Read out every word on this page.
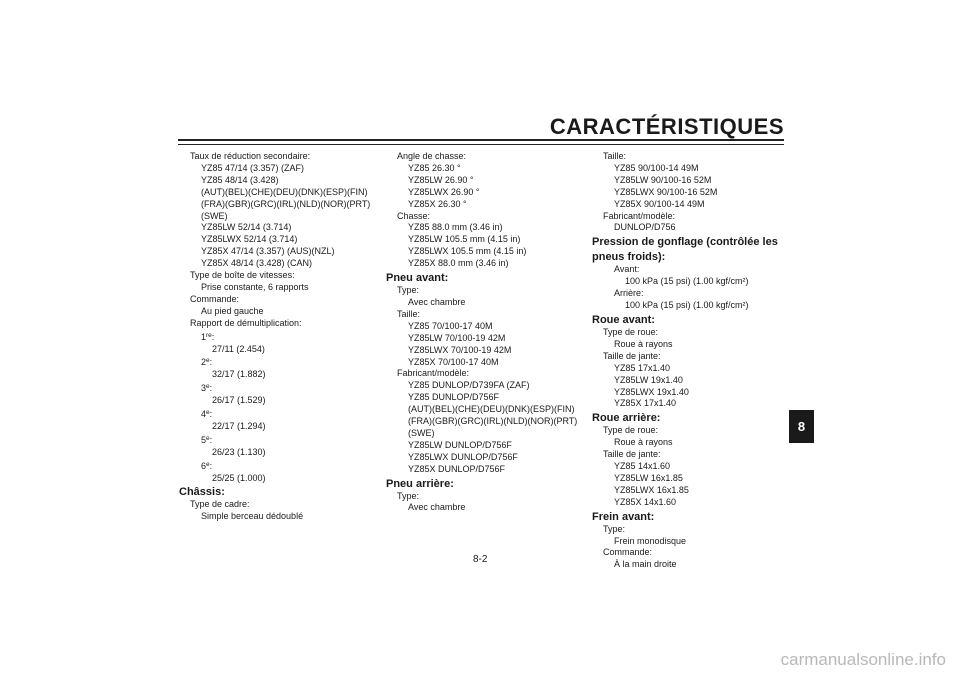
CARACTÉRISTIQUES
Taux de réduction secondaire:
YZ85 47/14 (3.357) (ZAF)
YZ85 48/14 (3.428)
(AUT)(BEL)(CHE)(DEU)(DNK)(ESP)(FIN)
(FRA)(GBR)(GRC)(IRL)(NLD)(NOR)(PRT)
(SWE)
YZ85LW 52/14 (3.714)
YZ85LWX 52/14 (3.714)
YZ85X 47/14 (3.357) (AUS)(NZL)
YZ85X 48/14 (3.428) (CAN)
Type de boîte de vitesses:
Prise constante, 6 rapports
Commande:
Au pied gauche
Rapport de démultiplication:
1re:
27/11 (2.454)
2e:
32/17 (1.882)
3e:
26/17 (1.529)
4e:
22/17 (1.294)
5e:
26/23 (1.130)
6e:
25/25 (1.000)
Châssis:
Type de cadre:
Simple berceau dédoublé
Angle de chasse:
YZ85 26.30 °
YZ85LW 26.90 °
YZ85LWX 26.90 °
YZ85X 26.30 °
Chasse:
YZ85 88.0 mm (3.46 in)
YZ85LW 105.5 mm (4.15 in)
YZ85LWX 105.5 mm (4.15 in)
YZ85X 88.0 mm (3.46 in)
Pneu avant:
Type:
Avec chambre
Taille:
YZ85 70/100-17 40M
YZ85LW 70/100-19 42M
YZ85LWX 70/100-19 42M
YZ85X 70/100-17 40M
Fabricant/modèle:
YZ85 DUNLOP/D739FA (ZAF)
YZ85 DUNLOP/D756F
(AUT)(BEL)(CHE)(DEU)(DNK)(ESP)(FIN)
(FRA)(GBR)(GRC)(IRL)(NLD)(NOR)(PRT)
(SWE)
YZ85LW DUNLOP/D756F
YZ85LWX DUNLOP/D756F
YZ85X DUNLOP/D756F
Pneu arrière:
Type:
Avec chambre
Taille:
YZ85 90/100-14 49M
YZ85LW 90/100-16 52M
YZ85LWX 90/100-16 52M
YZ85X 90/100-14 49M
Fabricant/modèle:
DUNLOP/D756
Pression de gonflage (contrôlée les
pneus froids):
Avant:
100 kPa (15 psi) (1.00 kgf/cm²)
Arrière:
100 kPa (15 psi) (1.00 kgf/cm²)
Roue avant:
Type de roue:
Roue à rayons
Taille de jante:
YZ85 17x1.40
YZ85LW 19x1.40
YZ85LWX 19x1.40
YZ85X 17x1.40
Roue arrière:
Type de roue:
Roue à rayons
Taille de jante:
YZ85 14x1.60
YZ85LW 16x1.85
YZ85LWX 16x1.85
YZ85X 14x1.60
Frein avant:
Type:
Frein monodisque
Commande:
À la main droite
8
8-2
carmanualsonline.info
